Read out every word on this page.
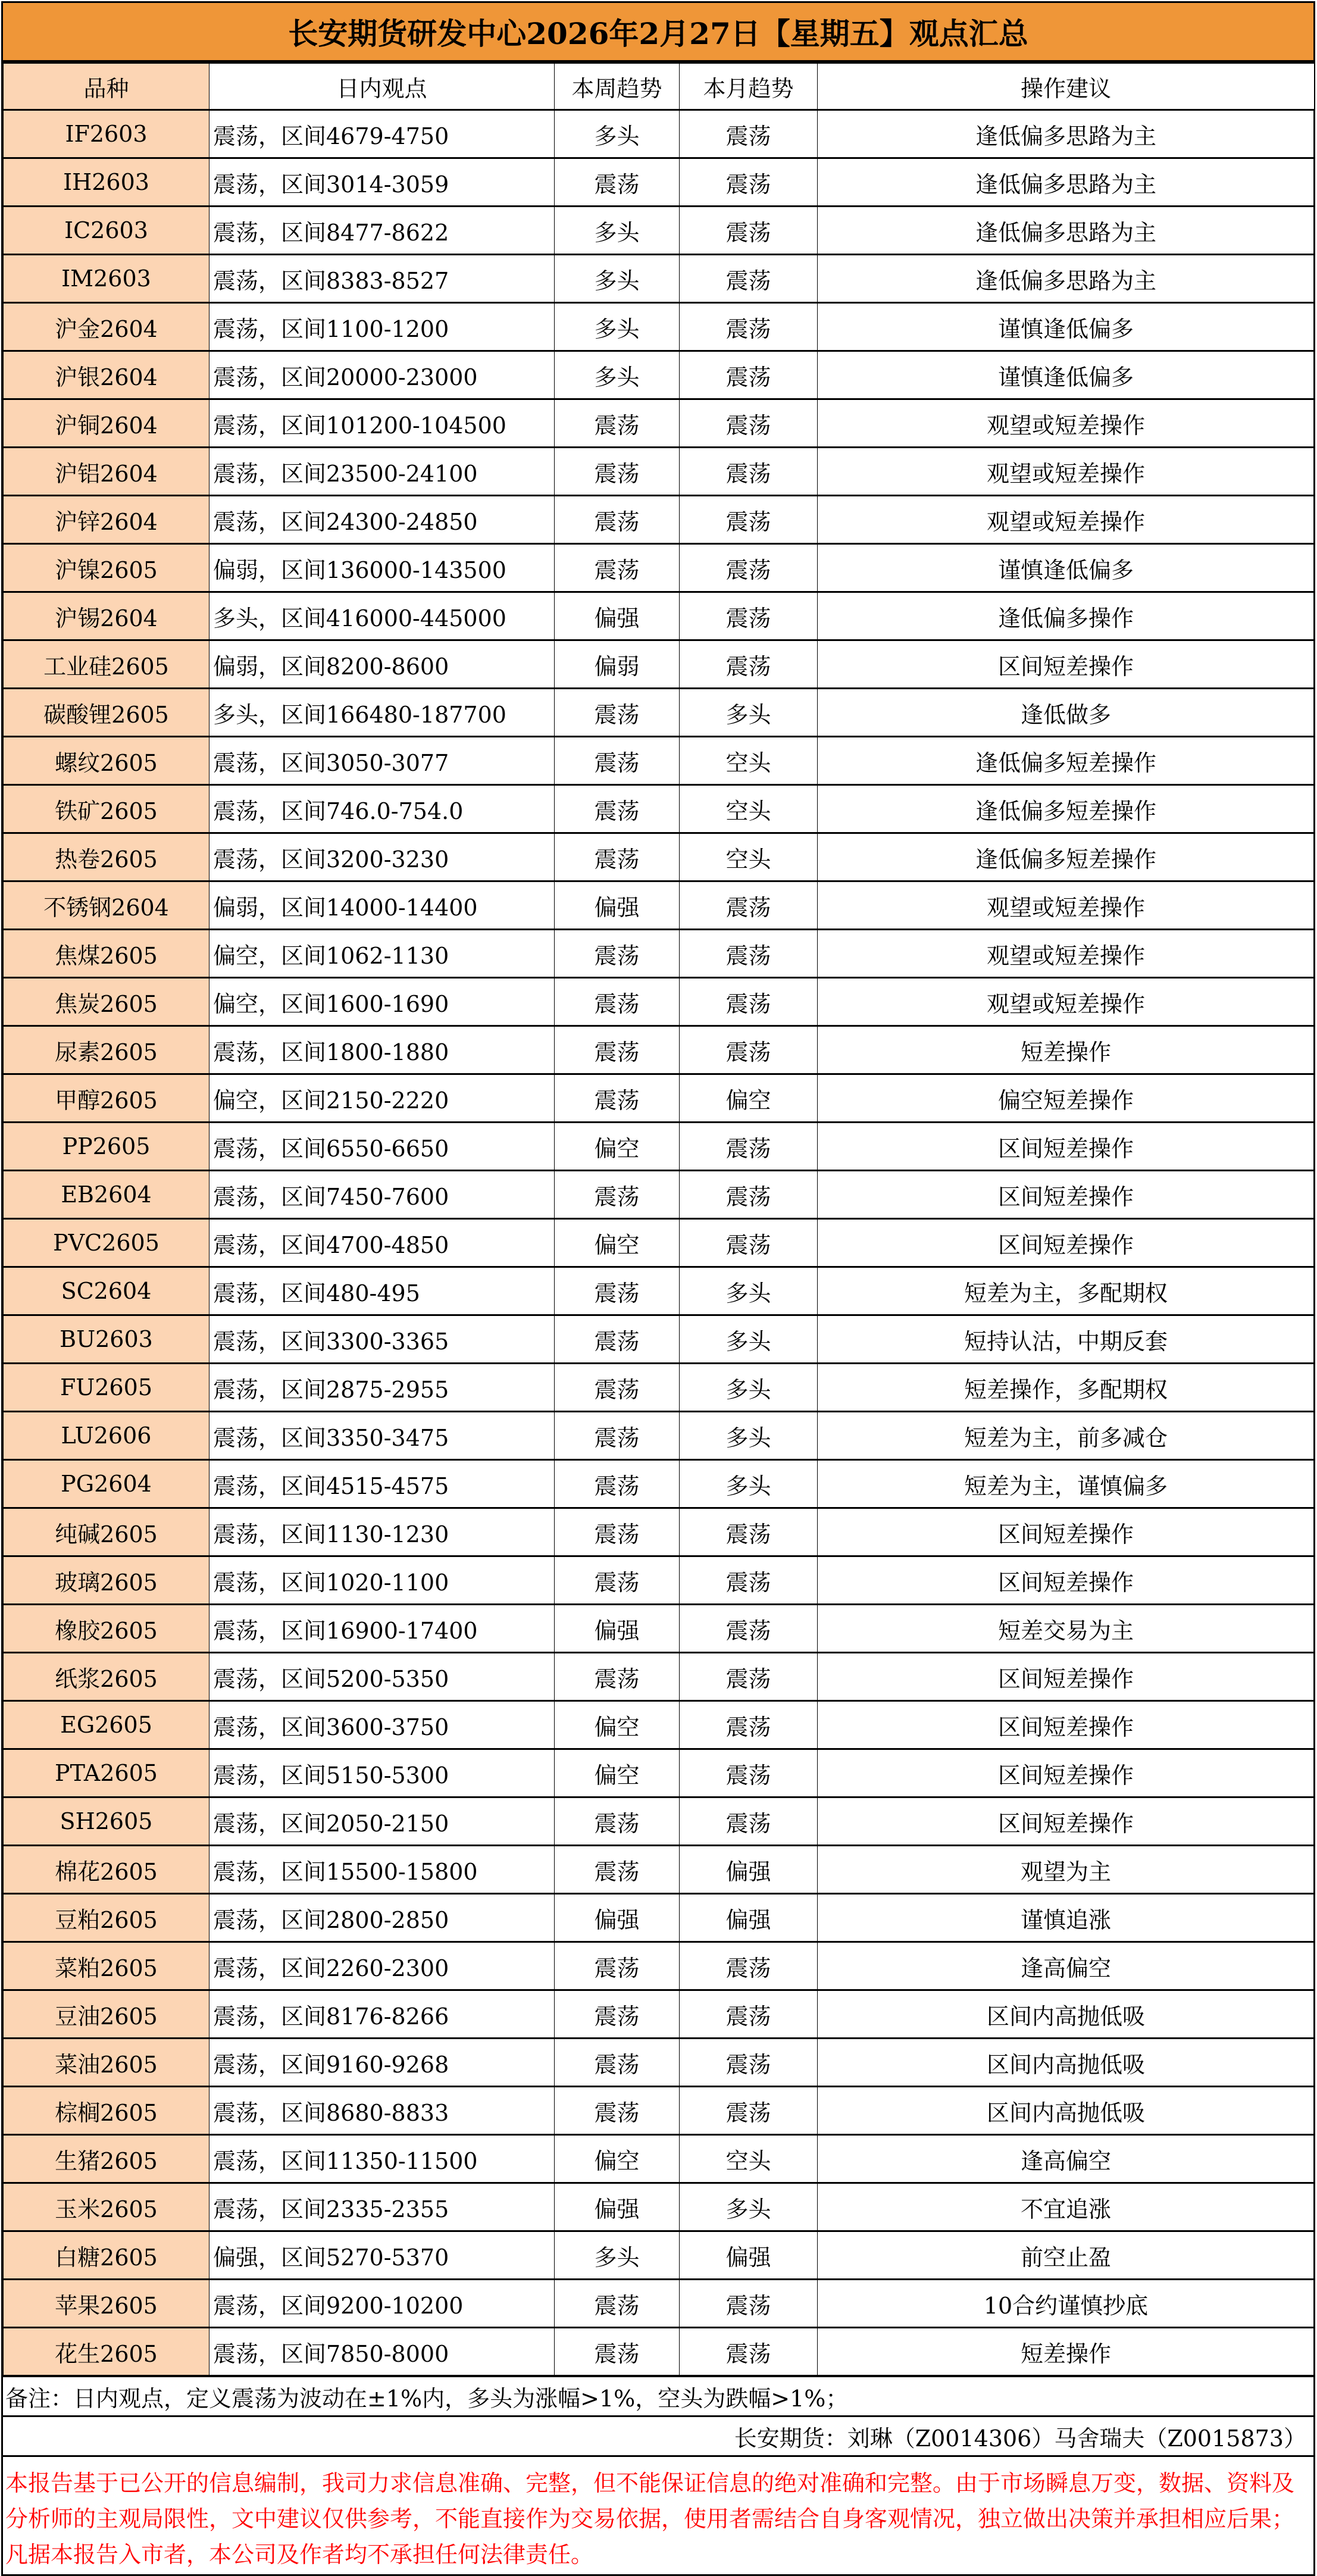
长安期货研发中心2026年2月27日【星期五】观点汇总
品种	日内观点	本周趋势	本月趋势	操作建议
IF2603	震荡，区间4679-4750	多头	震荡	逢低偏多思路为主
IH2603	震荡，区间3014-3059	震荡	震荡	逢低偏多思路为主
IC2603	震荡，区间8477-8622	多头	震荡	逢低偏多思路为主
IM2603	震荡，区间8383-8527	多头	震荡	逢低偏多思路为主
沪金2604	震荡，区间1100-1200	多头	震荡	谨慎逢低偏多
沪银2604	震荡，区间20000-23000	多头	震荡	谨慎逢低偏多
沪铜2604	震荡，区间101200-104500	震荡	震荡	观望或短差操作
沪铝2604	震荡，区间23500-24100	震荡	震荡	观望或短差操作
沪锌2604	震荡，区间24300-24850	震荡	震荡	观望或短差操作
沪镍2605	偏弱，区间136000-143500	震荡	震荡	谨慎逢低偏多
沪锡2604	多头，区间416000-445000	偏强	震荡	逢低偏多操作
工业硅2605	偏弱，区间8200-8600	偏弱	震荡	区间短差操作
碳酸锂2605	多头，区间166480-187700	震荡	多头	逢低做多
螺纹2605	震荡，区间3050-3077	震荡	空头	逢低偏多短差操作
铁矿2605	震荡，区间746.0-754.0	震荡	空头	逢低偏多短差操作
热卷2605	震荡，区间3200-3230	震荡	空头	逢低偏多短差操作
不锈钢2604	偏弱，区间14000-14400	偏强	震荡	观望或短差操作
焦煤2605	偏空，区间1062-1130	震荡	震荡	观望或短差操作
焦炭2605	偏空，区间1600-1690	震荡	震荡	观望或短差操作
尿素2605	震荡，区间1800-1880	震荡	震荡	短差操作
甲醇2605	偏空，区间2150-2220	震荡	偏空	偏空短差操作
PP2605	震荡，区间6550-6650	偏空	震荡	区间短差操作
EB2604	震荡，区间7450-7600	震荡	震荡	区间短差操作
PVC2605	震荡，区间4700-4850	偏空	震荡	区间短差操作
SC2604	震荡，区间480-495	震荡	多头	短差为主，多配期权
BU2603	震荡，区间3300-3365	震荡	多头	短持认沽，中期反套
FU2605	震荡，区间2875-2955	震荡	多头	短差操作，多配期权
LU2606	震荡，区间3350-3475	震荡	多头	短差为主，前多减仓
PG2604	震荡，区间4515-4575	震荡	多头	短差为主，谨慎偏多
纯碱2605	震荡，区间1130-1230	震荡	震荡	区间短差操作
玻璃2605	震荡，区间1020-1100	震荡	震荡	区间短差操作
橡胶2605	震荡，区间16900-17400	偏强	震荡	短差交易为主
纸浆2605	震荡，区间5200-5350	震荡	震荡	区间短差操作
EG2605	震荡，区间3600-3750	偏空	震荡	区间短差操作
PTA2605	震荡，区间5150-5300	偏空	震荡	区间短差操作
SH2605	震荡，区间2050-2150	震荡	震荡	区间短差操作
棉花2605	震荡，区间15500-15800	震荡	偏强	观望为主
豆粕2605	震荡，区间2800-2850	偏强	偏强	谨慎追涨
菜粕2605	震荡，区间2260-2300	震荡	震荡	逢高偏空
豆油2605	震荡，区间8176-8266	震荡	震荡	区间内高抛低吸
菜油2605	震荡，区间9160-9268	震荡	震荡	区间内高抛低吸
棕榈2605	震荡，区间8680-8833	震荡	震荡	区间内高抛低吸
生猪2605	震荡，区间11350-11500	偏空	空头	逢高偏空
玉米2605	震荡，区间2335-2355	偏强	多头	不宜追涨
白糖2605	偏强，区间5270-5370	多头	偏强	前空止盈
苹果2605	震荡，区间9200-10200	震荡	震荡	10合约谨慎抄底
花生2605	震荡，区间7850-8000	震荡	震荡	短差操作
备注：日内观点，定义震荡为波动在±1%内，多头为涨幅>1%，空头为跌幅>1%；
长安期货：刘琳（Z0014306）马舍瑞夫（Z0015873）
本报告基于已公开的信息编制，我司力求信息准确、完整，但不能保证信息的绝对准确和完整。由于市场瞬息万变，数据、资料及分析师的主观局限性，文中建议仅供参考，不能直接作为交易依据，使用者需结合自身客观情况，独立做出决策并承担相应后果；凡据本报告入市者，本公司及作者均不承担任何法律责任。
